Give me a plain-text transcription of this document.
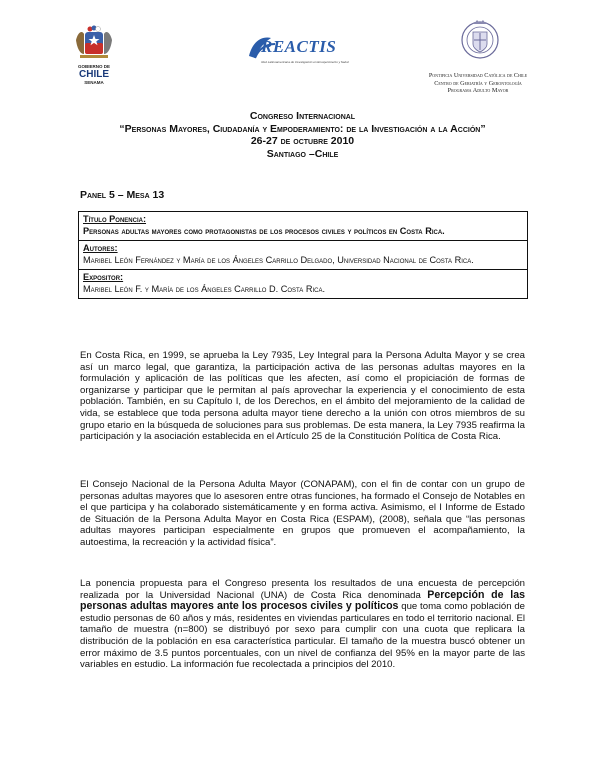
GOBIERNO DE
CHILE
SENAMA
REACTIS
Red Latinoamericana de Investigación en Envejecimiento y Salud
Pontificia Universidad Católica de Chile
Centro de Geriatría y Gerontología
Programa Adulto Mayor
Congreso Internacional
“Personas Mayores, Ciudadanía y Empoderamiento: de la Investigación a la Acción”
26-27 de octubre 2010
Santiago –Chile
Panel 5 – Mesa 13
Título Ponencia:
Personas adultas mayores como protagonistas de los procesos civiles y políticos en Costa Rica.
Autores:
Maribel León Fernández y María de los Ángeles Carrillo Delgado, Universidad Nacional de Costa Rica.
Expositor:
Maribel León F. y María de los Ángeles Carrillo D. Costa Rica.
En Costa Rica, en 1999, se aprueba la Ley 7935, Ley Integral para la Persona Adulta Mayor y se crea así un marco legal, que garantiza, la participación activa de las personas adultas mayores en la formulación y aplicación de las políticas que les afecten, así como el propiciación de formas de organizarse y participar que le permitan al país aprovechar la experiencia y el conocimiento de esta población. También, en su Capítulo I, de los Derechos, en el ámbito del mejoramiento de la calidad de vida, se establece que toda persona adulta mayor tiene derecho a la unión con otros miembros de su grupo etario en la búsqueda de soluciones para sus problemas. De esta manera, la Ley 7935 reafirma la participación y la asociación establecida en el Artículo 25 de la Constitución Política de Costa Rica.
El Consejo Nacional de la Persona Adulta Mayor (CONAPAM), con el fin de contar con un grupo de personas adultas mayores que lo asesoren entre otras funciones, ha formado el Consejo de Notables en el que participa y ha colaborado sistemáticamente y en forma activa. Asimismo, el I Informe de Estado de Situación de la Persona Adulta Mayor en Costa Rica (ESPAM), (2008), señala que “las personas adultas mayores participan especialmente en grupos que promueven el acompañamiento, la autoestima, la recreación y la actividad física”.
La ponencia propuesta para el Congreso presenta los resultados de una encuesta de percepción realizada por la Universidad Nacional (UNA) de Costa Rica denominada Percepción de las personas adultas mayores ante los procesos civiles y políticos que toma como población de estudio personas de 60 años y más, residentes en viviendas particulares en todo el territorio nacional. El tamaño de muestra (n=800) se distribuyó por sexo para cumplir con una cuota que replicara la distribución de la población en esa característica particular. El tamaño de la muestra buscó obtener un error máximo de 3.5 puntos porcentuales, con un nivel de confianza del 95% en la mayor parte de las variables en estudio. La información fue recolectada a principios del 2010.
